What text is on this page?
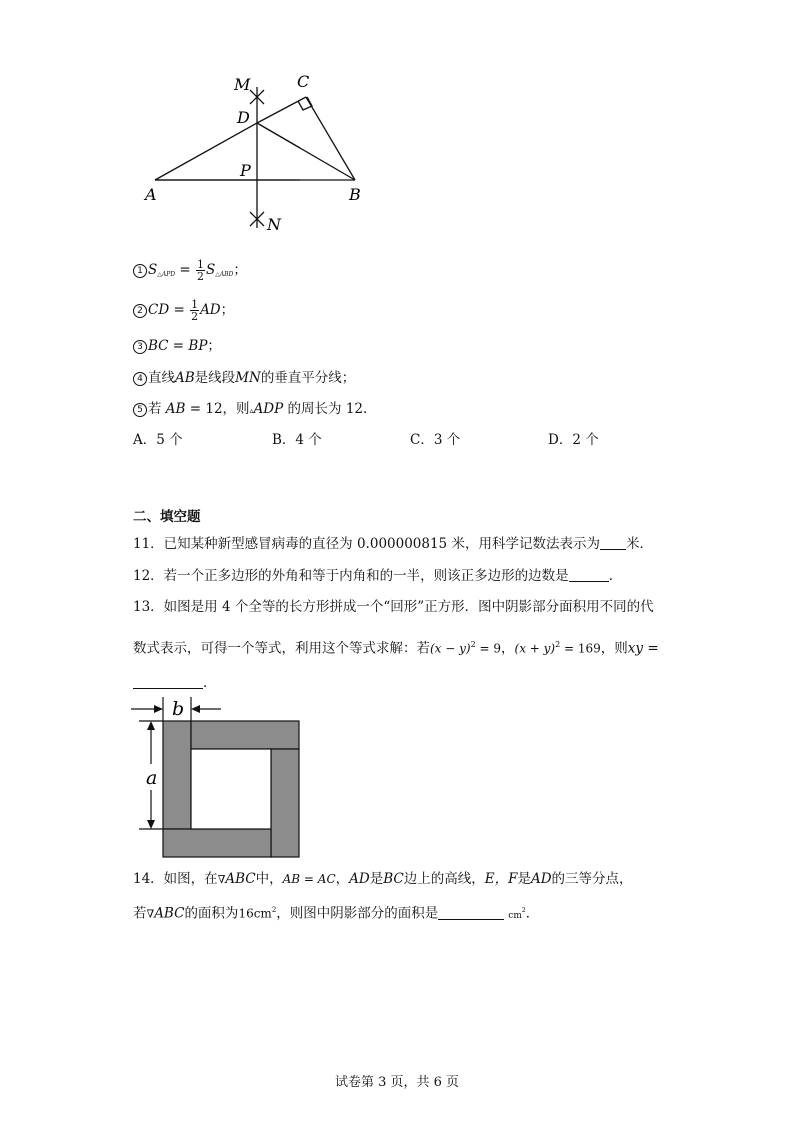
M	C
D
P
A	B
N
1 $S_{\triangle APD} = \frac{1}{2} S_{\triangle ABD}$；
2 CD = $\frac{1}{2}$ AD；
3 BC = BP；
4 直线AB是线段MN的垂直平分线；
5 若 AB = 12，则▵ADP 的周长为 12.
A．5 个	B．4 个	C．3 个	D．2 个
二、填空题
11．已知某种新型感冒病毒的直径为 0.000000815 米，用科学记数法表示为 米．
12．若一个正多边形的外角和等于内角和的一半，则该正多边形的边数是	．
13．如图是用 4 个全等的长方形拼成一个“回形”正方形．图中阴影部分面积用不同的代
数式表示，可得一个等式，利用这个等式求解：若$(x - y)^2 = 9$，$(x + y)^2 = 169$，则xy =
．
b
a
14．如图，在∇ABC中，AB = AC，AD是BC边上的高线，E，F是AD的三等分点，
若∇ABC的面积为$16cm^2$，则图中阴影部分的面积是	$cm^2$．
试卷第 3 页，共 6 页
